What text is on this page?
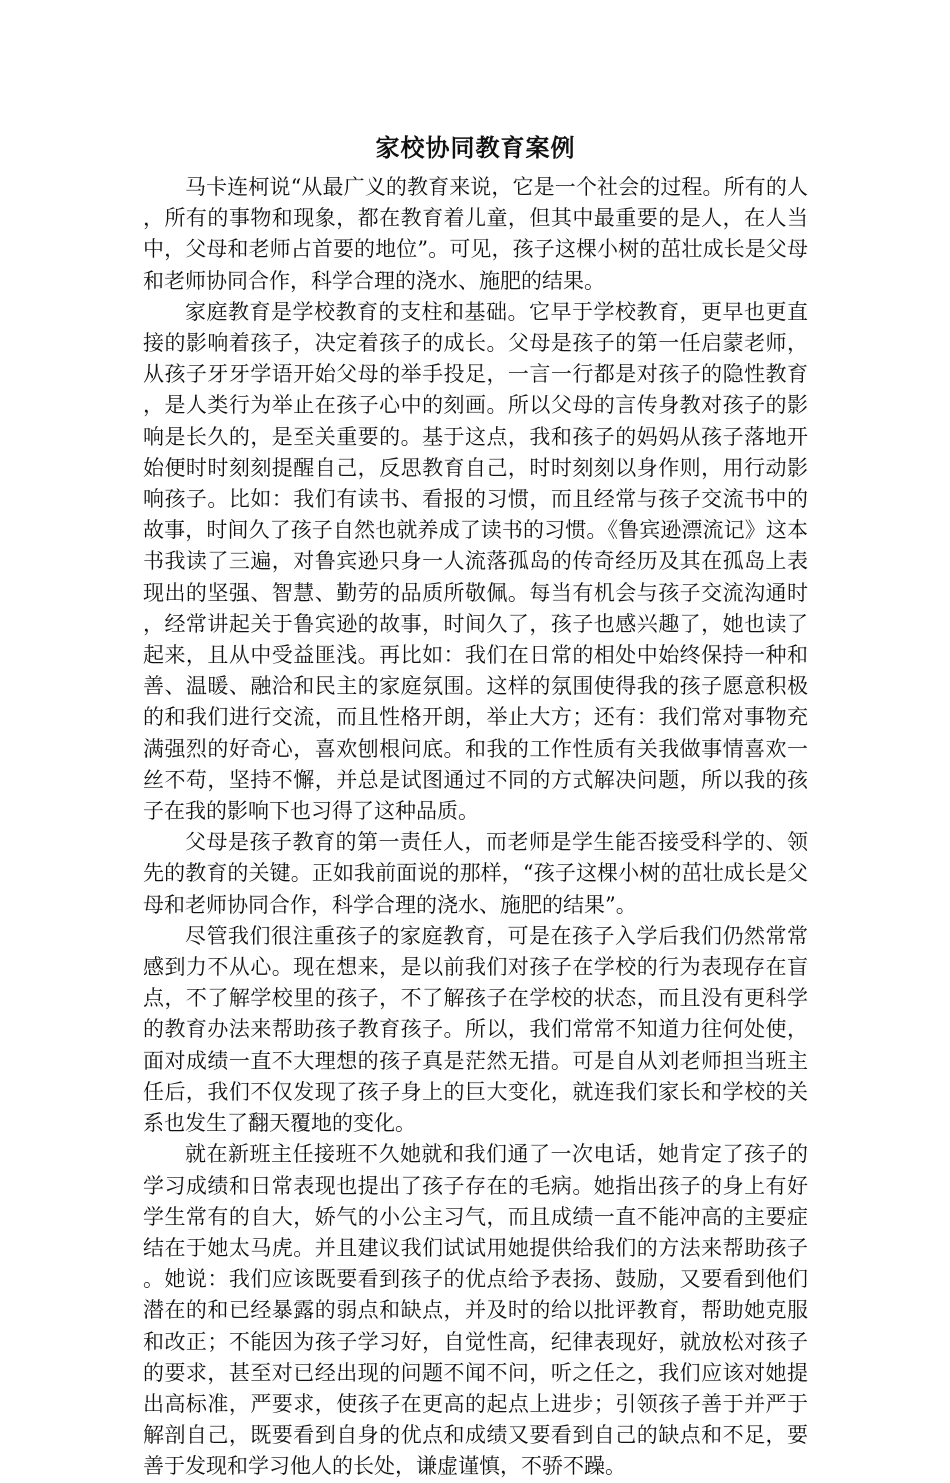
家校协同教育案例

马卡连柯说“从最广义的教育来说，它是一个社会的过程。所有的人，所有的事物和现象，都在教育着儿童，但其中最重要的是人，在人当中，父母和老师占首要的地位”。可见，孩子这棵小树的茁壮成长是父母和老师协同合作，科学合理的浇水、施肥的结果。

家庭教育是学校教育的支柱和基础。它早于学校教育，更早也更直接的影响着孩子，决定着孩子的成长。父母是孩子的第一任启蒙老师，从孩子牙牙学语开始父母的举手投足，一言一行都是对孩子的隐性教育，是人类行为举止在孩子心中的刻画。所以父母的言传身教对孩子的影响是长久的，是至关重要的。基于这点，我和孩子的妈妈从孩子落地开始便时时刻刻提醒自己，反思教育自己，时时刻刻以身作则，用行动影响孩子。比如：我们有读书、看报的习惯，而且经常与孩子交流书中的故事，时间久了孩子自然也就养成了读书的习惯。《鲁宾逊漂流记》这本书我读了三遍，对鲁宾逊只身一人流落孤岛的传奇经历及其在孤岛上表现出的坚强、智慧、勤劳的品质所敬佩。每当有机会与孩子交流沟通时，经常讲起关于鲁宾逊的故事，时间久了，孩子也感兴趣了，她也读了起来，且从中受益匪浅。再比如：我们在日常的相处中始终保持一种和善、温暖、融洽和民主的家庭氛围。这样的氛围使得我的孩子愿意积极的和我们进行交流，而且性格开朗，举止大方；还有：我们常对事物充满强烈的好奇心，喜欢刨根问底。和我的工作性质有关我做事情喜欢一丝不苟，坚持不懈，并总是试图通过不同的方式解决问题，所以我的孩子在我的影响下也习得了这种品质。

父母是孩子教育的第一责任人，而老师是学生能否接受科学的、领先的教育的关键。正如我前面说的那样，“孩子这棵小树的茁壮成长是父母和老师协同合作，科学合理的浇水、施肥的结果”。

尽管我们很注重孩子的家庭教育，可是在孩子入学后我们仍然常常感到力不从心。现在想来，是以前我们对孩子在学校的行为表现存在盲点，不了解学校里的孩子，不了解孩子在学校的状态，而且没有更科学的教育办法来帮助孩子教育孩子。所以，我们常常不知道力往何处使，面对成绩一直不大理想的孩子真是茫然无措。可是自从刘老师担当班主任后，我们不仅发现了孩子身上的巨大变化，就连我们家长和学校的关系也发生了翻天覆地的变化。

就在新班主任接班不久她就和我们通了一次电话，她肯定了孩子的学习成绩和日常表现也提出了孩子存在的毛病。她指出孩子的身上有好学生常有的自大，娇气的小公主习气，而且成绩一直不能冲高的主要症结在于她太马虎。并且建议我们试试用她提供给我们的方法来帮助孩子。她说：我们应该既要看到孩子的优点给予表扬、鼓励，又要看到他们潜在的和已经暴露的弱点和缺点，并及时的给以批评教育，帮助她克服和改正；不能因为孩子学习好，自觉性高，纪律表现好，就放松对孩子的要求，甚至对已经出现的问题不闻不问，听之任之，我们应该对她提出高标准，严要求，使孩子在更高的起点上进步；引领孩子善于并严于解剖自己，既要看到自身的优点和成绩又要看到自己的缺点和不足，要善于发现和学习他人的长处，谦虚谨慎，不骄不躁。
